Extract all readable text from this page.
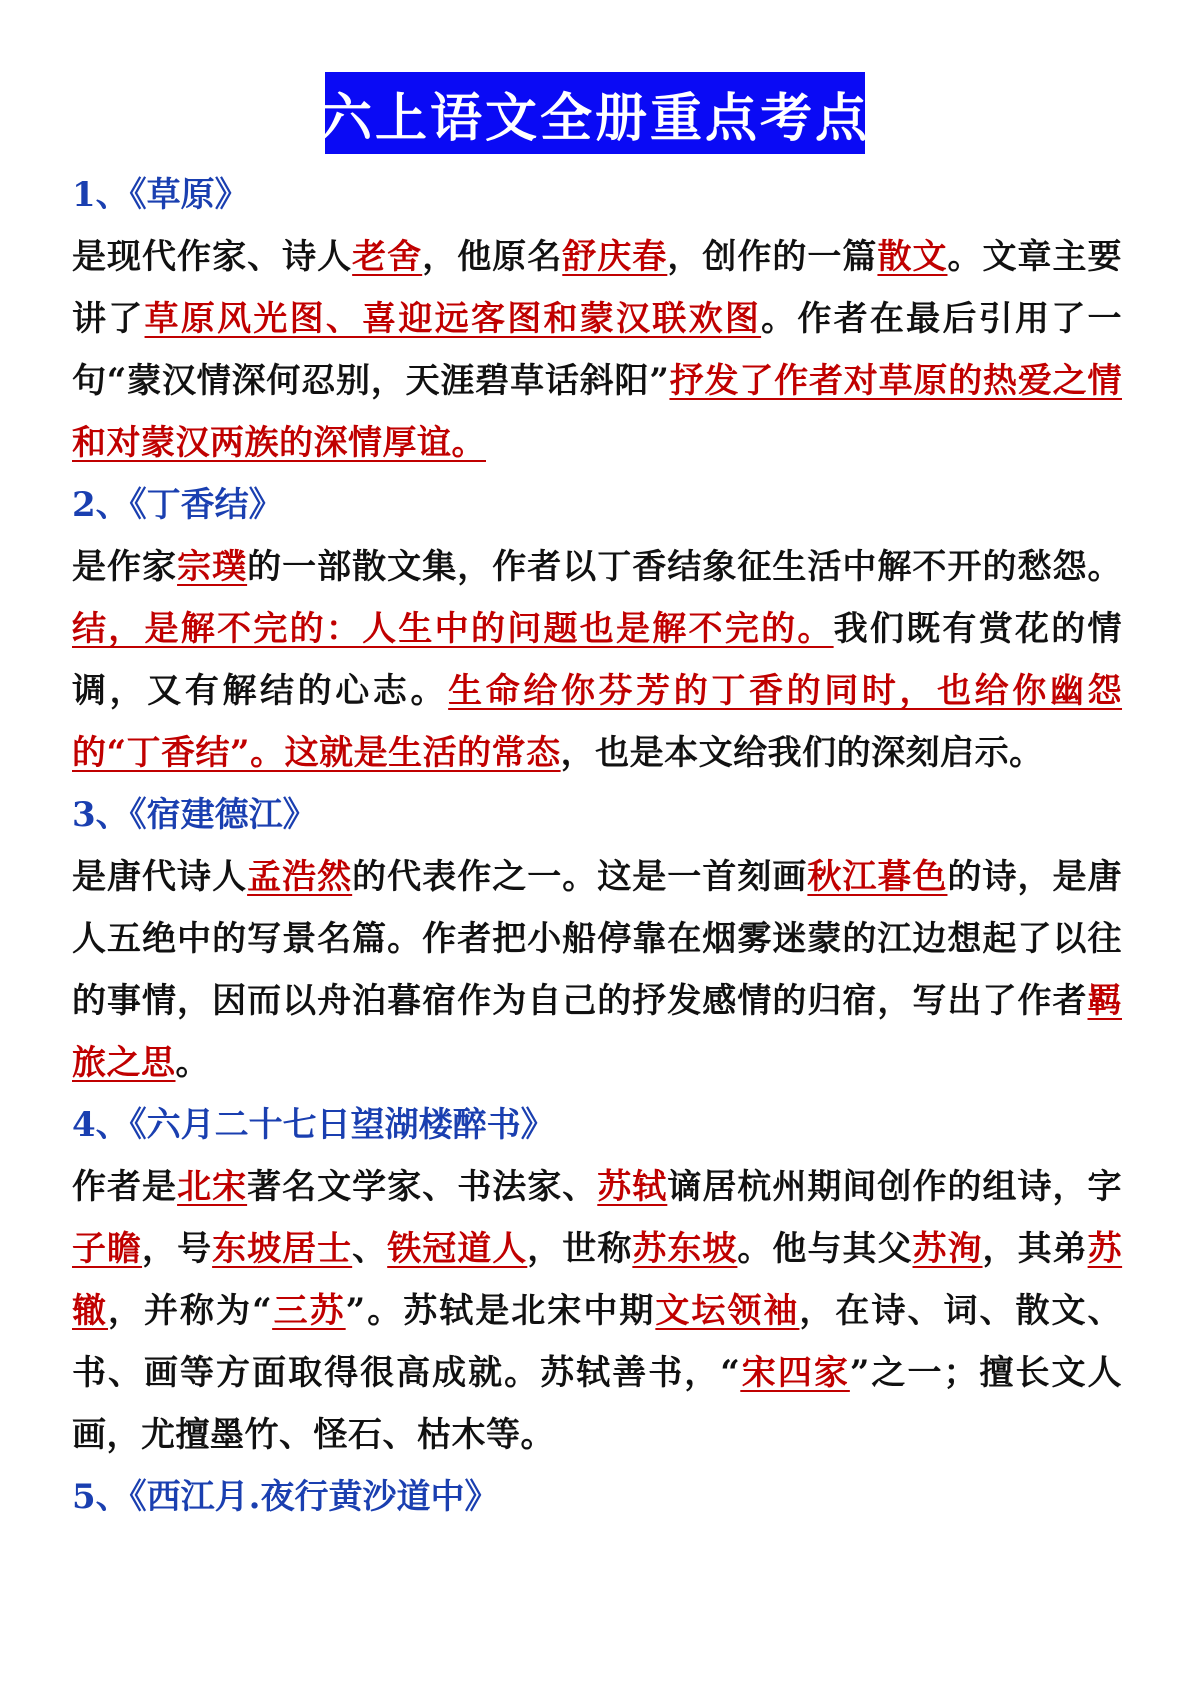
六上语文全册重点考点
1、《草原》
是现代作家、诗人老舍，他原名舒庆春，创作的一篇散文。文章主要讲了草原风光图、喜迎远客图和蒙汉联欢图。作者在最后引用了一句“蒙汉情深何忍别，天涯碧草话斜阳”抒发了作者对草原的热爱之情和对蒙汉两族的深情厚谊。
2、《丁香结》
是作家宗璞的一部散文集，作者以丁香结象征生活中解不开的愁怨。结，是解不完的：人生中的问题也是解不完的。我们既有赏花的情调，又有解结的心志。生命给你芬芳的丁香的同时，也给你幽怨的“丁香结”。这就是生活的常态，也是本文给我们的深刻启示。
3、《宿建德江》
是唐代诗人孟浩然的代表作之一。这是一首刻画秋江暮色的诗，是唐人五绝中的写景名篇。作者把小船停靠在烟雾迷蒙的江边想起了以往的事情，因而以舟泊暮宿作为自己的抒发感情的归宿，写出了作者羁旅之思。
4、《六月二十七日望湖楼醉书》
作者是北宋著名文学家、书法家、苏轼谪居杭州期间创作的组诗，字子瞻，号东坡居士、铁冠道人，世称苏东坡。他与其父苏洵，其弟苏辙，并称为“三苏”。苏轼是北宋中期文坛领袖，在诗、词、散文、书、画等方面取得很高成就。苏轼善书，“宋四家”之一；擅长文人画，尤擅墨竹、怪石、枯木等。
5、《西江月.夜行黄沙道中》
